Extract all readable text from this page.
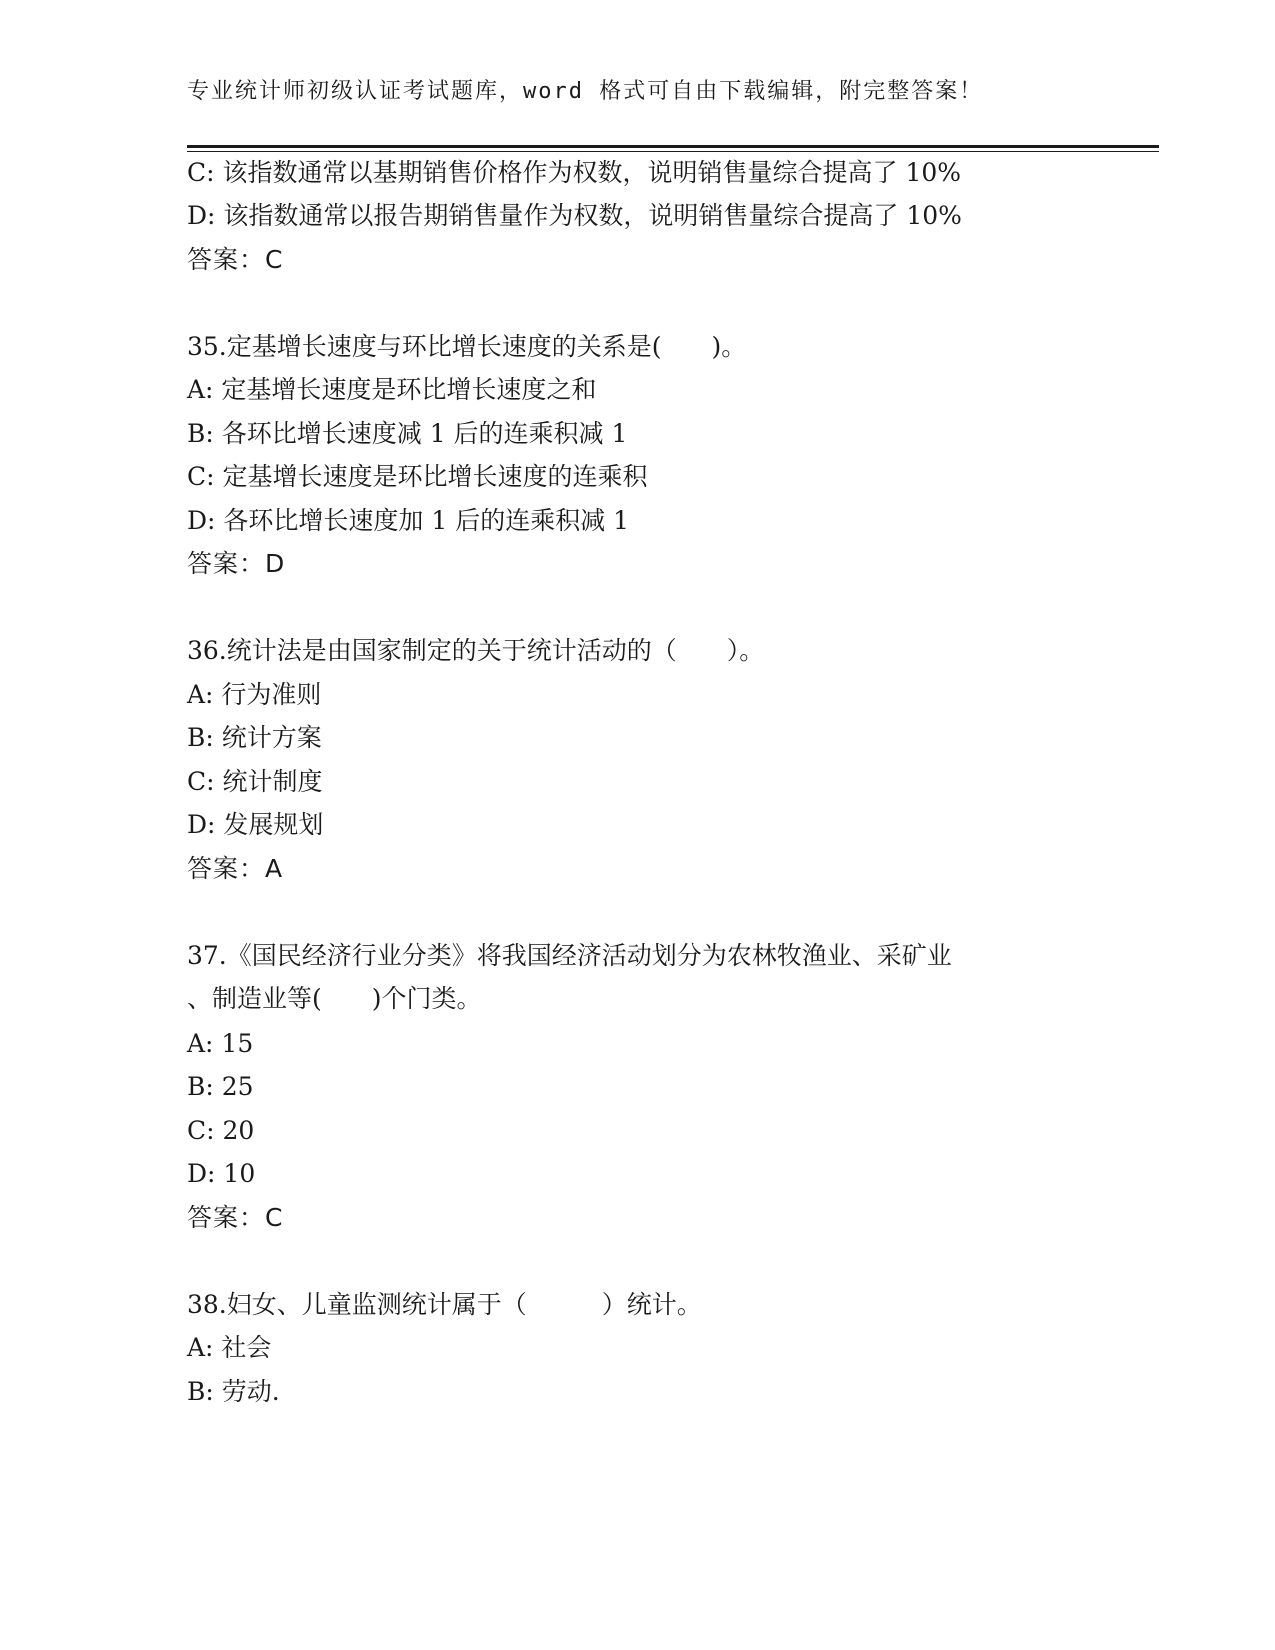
专业统计师初级认证考试题库，word 格式可自由下载编辑，附完整答案！
C: 该指数通常以基期销售价格作为权数，说明销售量综合提高了 10%
D: 该指数通常以报告期销售量作为权数，说明销售量综合提高了 10%
答案：C
35.定基增长速度与环比增长速度的关系是(　　)。
A: 定基增长速度是环比增长速度之和
B: 各环比增长速度减 1 后的连乘积减 1
C: 定基增长速度是环比增长速度的连乘积
D: 各环比增长速度加 1 后的连乘积减 1
答案：D
36.统计法是由国家制定的关于统计活动的（　　）。
A: 行为准则
B: 统计方案
C: 统计制度
D: 发展规划
答案：A
37.《国民经济行业分类》将我国经济活动划分为农林牧渔业、采矿业
、制造业等(　　)个门类。
A: 15
B: 25
C: 20
D: 10
答案：C
38.妇女、儿童监测统计属于（　　　）统计。
A: 社会
B: 劳动.
